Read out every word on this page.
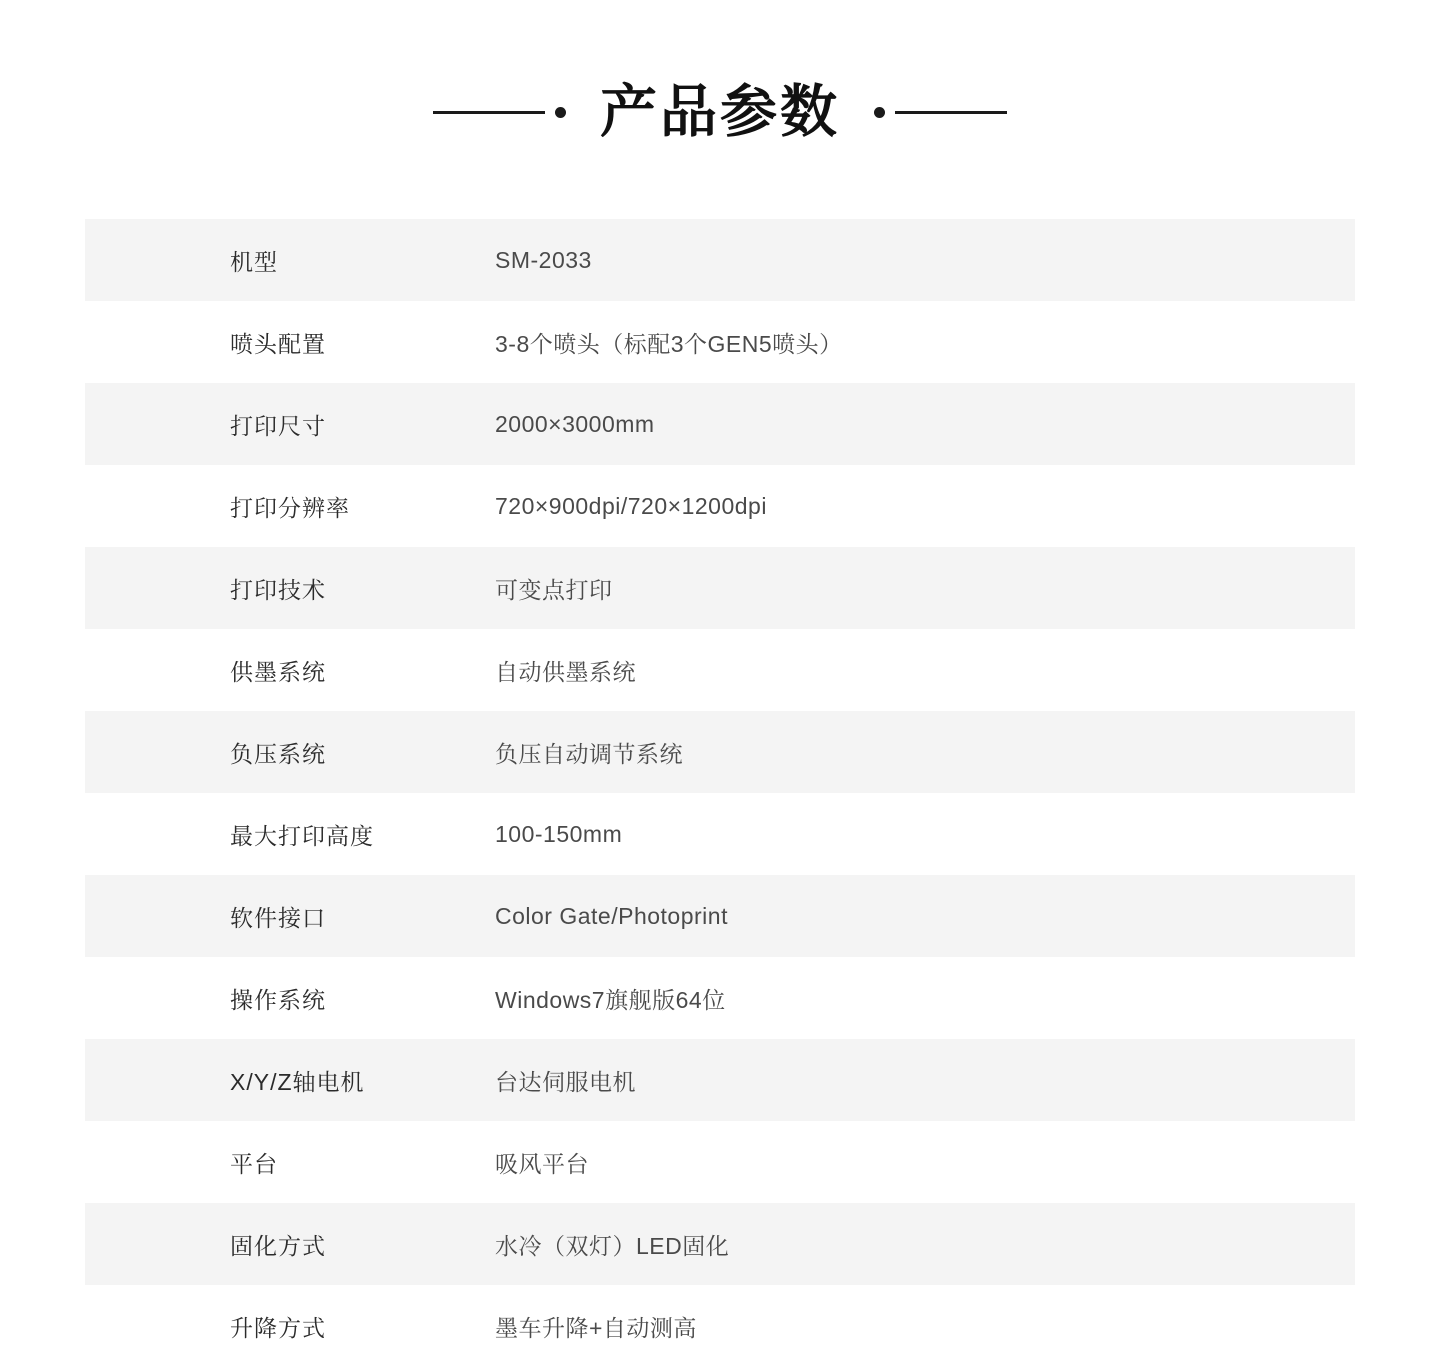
产品参数
机型	SM-2033
喷头配置	3-8个喷头（标配3个GEN5喷头）
打印尺寸	2000×3000mm
打印分辨率	720×900dpi/720×1200dpi
打印技术	可变点打印
供墨系统	自动供墨系统
负压系统	负压自动调节系统
最大打印高度	100-150mm
软件接口	Color Gate/Photoprint
操作系统	Windows7旗舰版64位
X/Y/Z轴电机	台达伺服电机
平台	吸风平台
固化方式	水冷（双灯）LED固化
升降方式	墨车升降+自动测高
